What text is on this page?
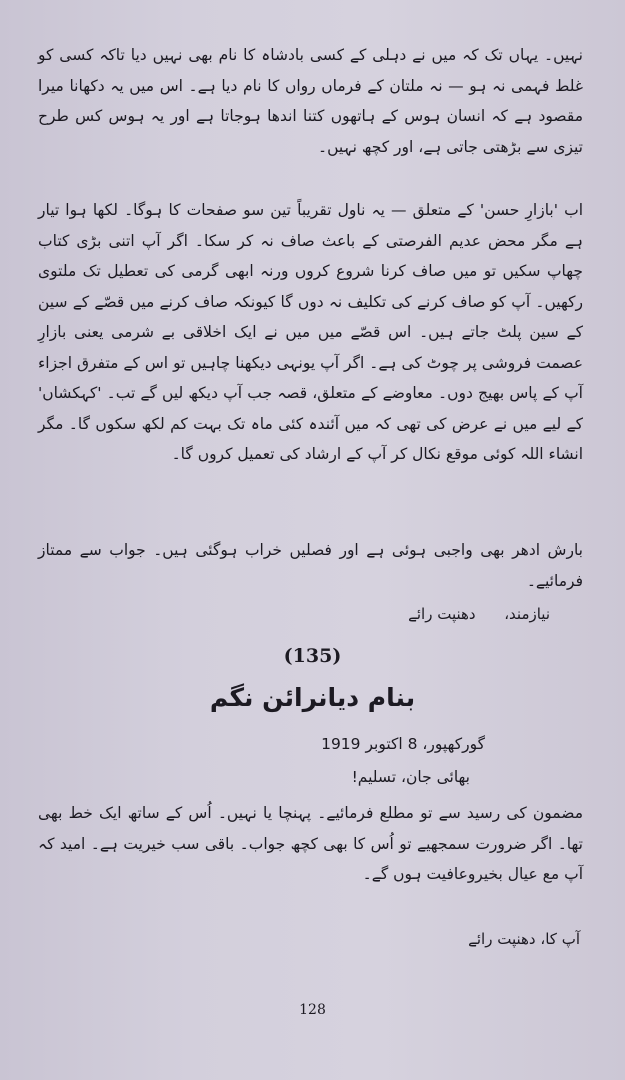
نہیں۔ یہاں تک کہ میں نے دہلی کے کسی بادشاہ کا نام بھی نہیں دیا تاکہ کسی کو غلط فہمی نہ ہو — نہ ملتان کے فرماں رواں کا نام دیا ہے۔ اس میں یہ دکھانا میرا مقصود ہے کہ انسان ہوس کے ہاتھوں کتنا اندھا ہوجاتا ہے اور یہ ہوس کس طرح تیزی سے بڑھتی جاتی ہے، اور کچھ نہیں۔

اب 'بازارِ حسن' کے متعلق — یہ ناول تقریباً تین سو صفحات کا ہوگا۔ لکھا ہوا تیار ہے مگر محض عدیم الفرصتی کے باعث صاف نہ کر سکا۔ اگر آپ اتنی بڑی کتاب چھاپ سکیں تو میں صاف کرنا شروع کروں ورنہ ابھی گرمی کی تعطیل تک ملتوی رکھیں۔ آپ کو صاف کرنے کی تکلیف نہ دوں گا کیونکہ صاف کرنے میں قصّے کے سین کے سین پلٹ جاتے ہیں۔ اس قصّے میں میں نے ایک اخلاقی بے شرمی یعنی بازارِ عصمت فروشی پر چوٹ کی ہے۔ اگر آپ یونہی دیکھنا چاہیں تو اس کے متفرق اجزاء آپ کے پاس بھیج دوں۔ معاوضے کے متعلق، قصہ جب آپ دیکھ لیں گے تب۔ 'کہکشاں' کے لیے میں نے عرض کی تھی کہ میں آئندہ کئی ماہ تک بہت کم لکھ سکوں گا۔ مگر انشاء اللہ کوئی موقع نکال کر آپ کے ارشاد کی تعمیل کروں گا۔

بارش ادھر بھی واجبی ہوئی ہے اور فصلیں خراب ہوگئی ہیں۔ جواب سے ممتاز فرمائیے۔

نیازمند،      دھنپت رائے
(135)
بنام دیانرائن نگم
گورکھپور، 8 اکتوبر 1919
بھائی جان، تسلیم!

مضمون کی رسید سے تو مطلع فرمائیے۔ پہنچا یا نہیں۔ اُس کے ساتھ ایک خط بھی تھا۔ اگر ضرورت سمجھیے تو اُس کا بھی کچھ جواب۔ باقی سب خیریت ہے۔ امید کہ آپ مع عیال بخیروعافیت ہوں گے۔

آپ کا، دھنپت رائے
128
